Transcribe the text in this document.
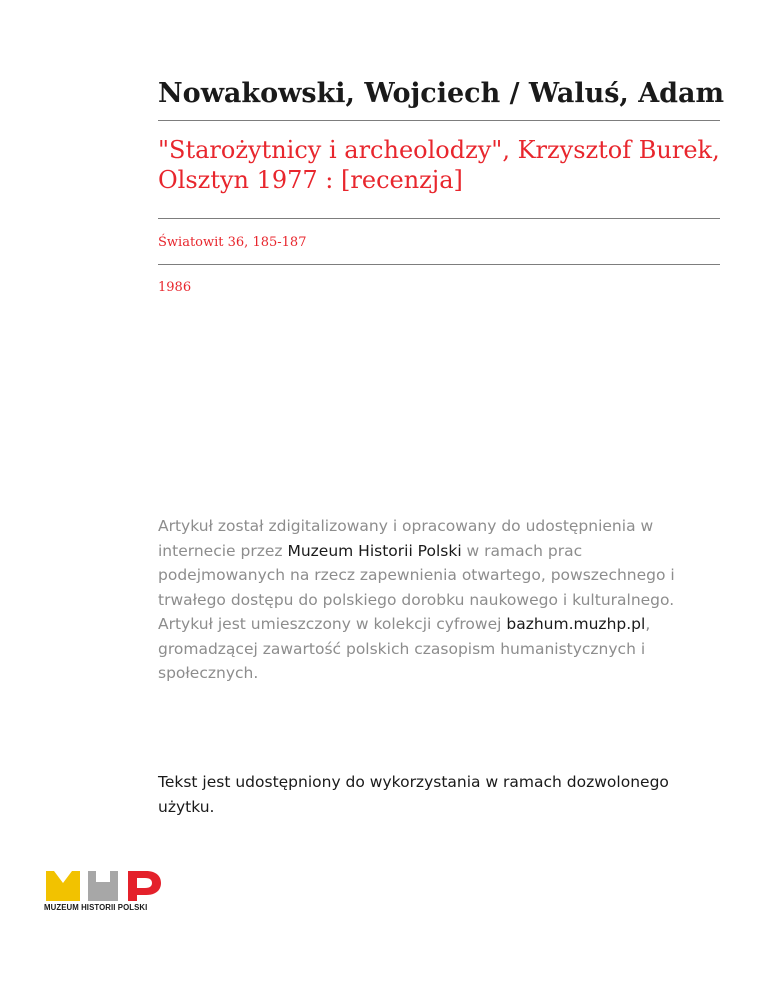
Nowakowski, Wojciech / Waluś, Adam
"Starożytnicy i archeolodzy", Krzysztof Burek, Olsztyn 1977 : [recenzja]
Światowit 36, 185-187
1986
Artykuł został zdigitalizowany i opracowany do udostępnienia w internecie przez Muzeum Historii Polski w ramach prac podejmowanych na rzecz zapewnienia otwartego, powszechnego i trwałego dostępu do polskiego dorobku naukowego i kulturalnego. Artykuł jest umieszczony w kolekcji cyfrowej bazhum.muzhp.pl, gromadzącej zawartość polskich czasopism humanistycznych i społecznych.
Tekst jest udostępniony do wykorzystania w ramach dozwolonego użytku.
MUZEUM HISTORII POLSKI
